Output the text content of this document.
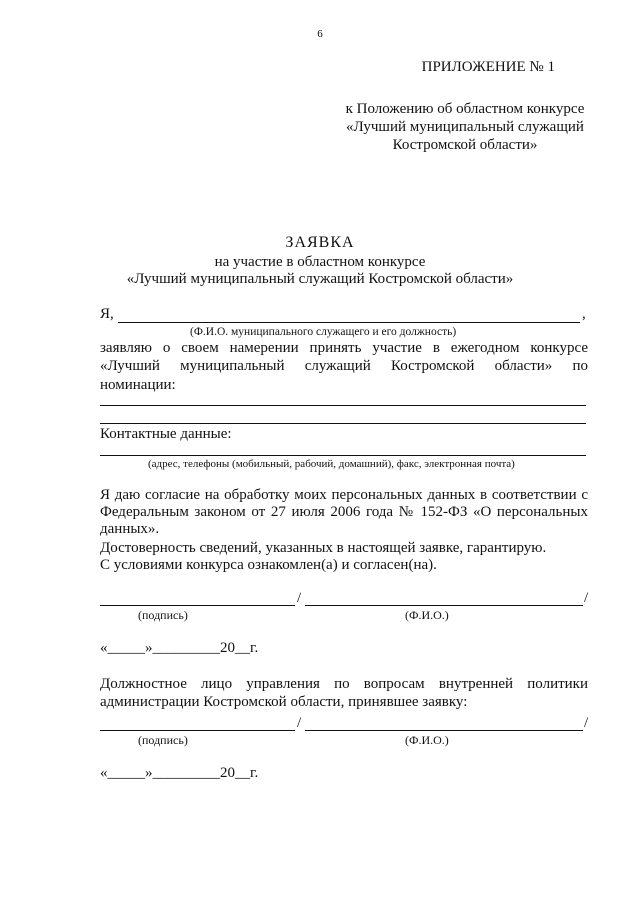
6
ПРИЛОЖЕНИЕ № 1
к Положению об областном конкурсе
«Лучший муниципальный служащий
Костромской области»
ЗАЯВКА
на участие в областном конкурсе
«Лучший муниципальный служащий Костромской области»
Я,	,
(Ф.И.О. муниципального служащего и его должность)
заявляю о своем намерении принять участие в ежегодном конкурсе
«Лучший муниципальный служащий Костромской области» по
номинации:
Контактные данные:
(адрес, телефоны (мобильный, рабочий, домашний), факс, электронная почта)
Я даю согласие на обработку моих персональных данных в соответствии с Федеральным законом от 27 июля 2006 года № 152-ФЗ «О персональных данных».
Достоверность сведений, указанных в настоящей заявке, гарантирую.
С условиями конкурса ознакомлен(а) и согласен(на).
/	/
(подпись)	(Ф.И.О.)
«_____»_________20__г.
Должностное лицо управления по вопросам внутренней политики
администрации Костромской области, принявшее заявку:
/	/
(подпись)	(Ф.И.О.)
«_____»_________20__г.
